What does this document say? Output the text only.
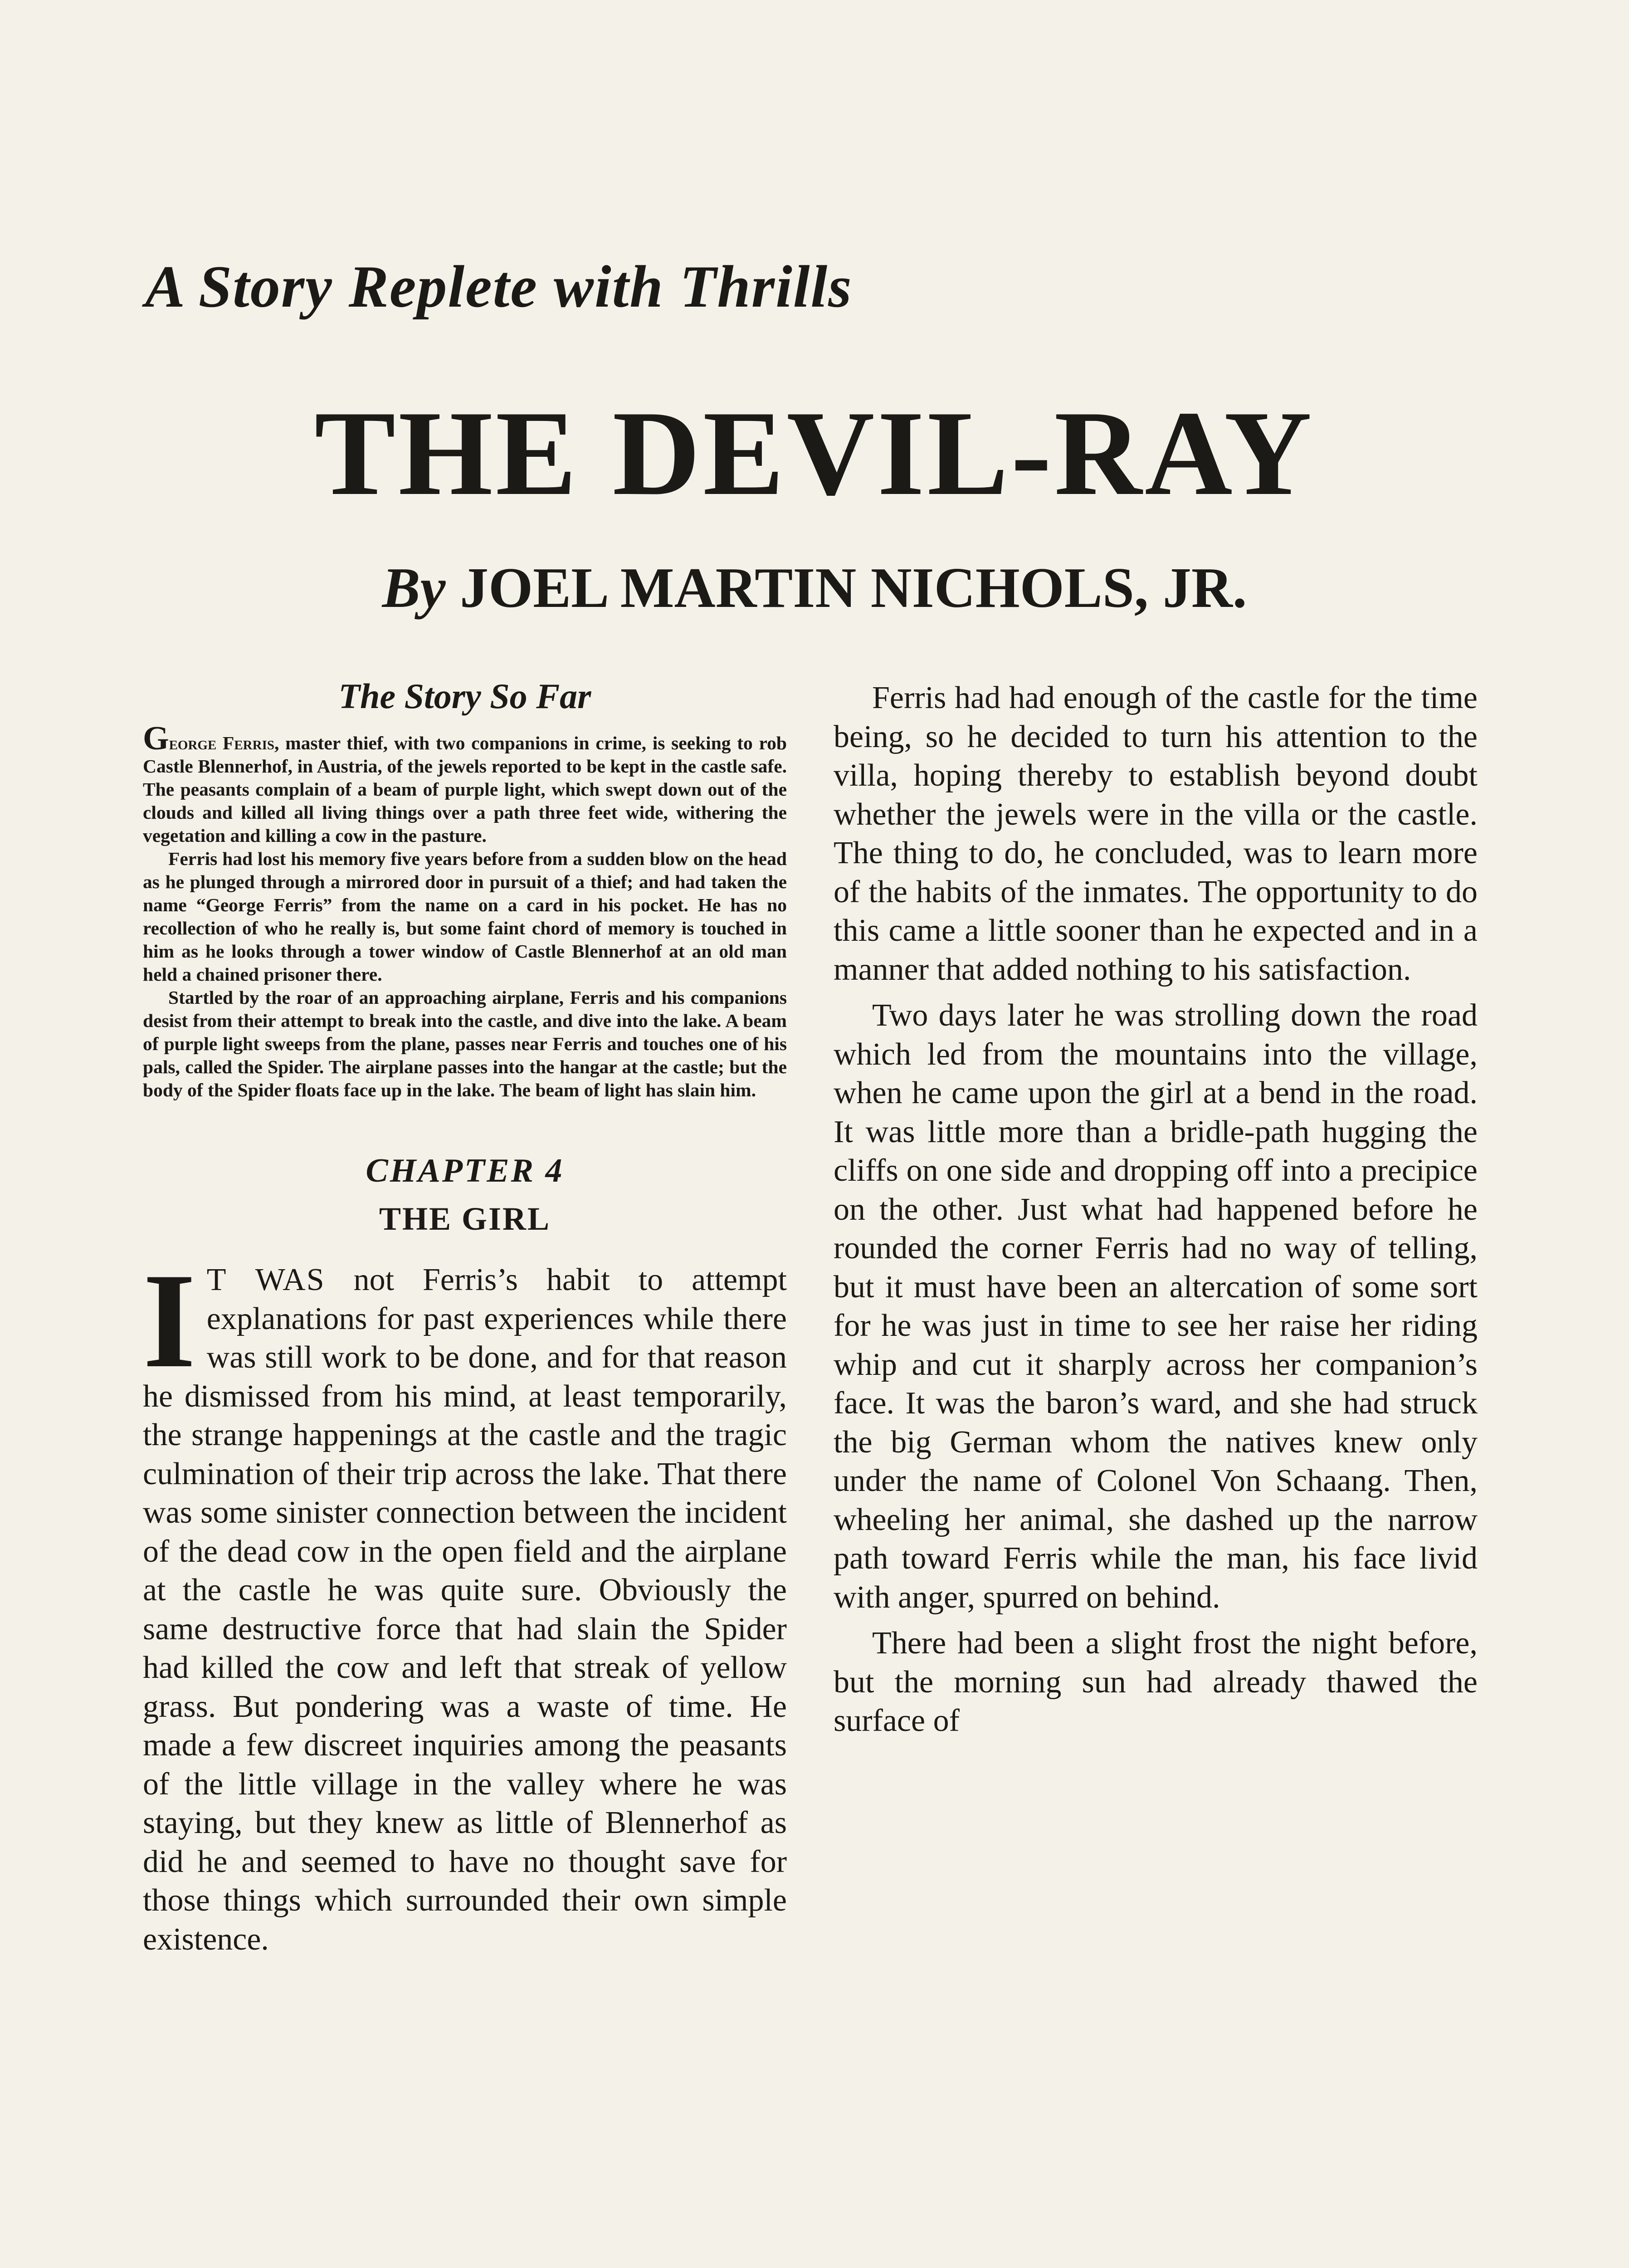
A Story Replete with Thrills
THE DEVIL-RAY
By JOEL MARTIN NICHOLS, JR.
The Story So Far

George Ferris, master thief, with two companions in crime, is seeking to rob Castle Blennerhof, in Austria, of the jewels reported to be kept in the castle safe. The peasants complain of a beam of purple light, which swept down out of the clouds and killed all living things over a path three feet wide, withering the vegetation and killing a cow in the pasture.

Ferris had lost his memory five years before from a sudden blow on the head as he plunged through a mirrored door in pursuit of a thief; and had taken the name “George Ferris” from the name on a card in his pocket. He has no recollection of who he really is, but some faint chord of memory is touched in him as he looks through a tower window of Castle Blennerhof at an old man held a chained prisoner there.

Startled by the roar of an approaching airplane, Ferris and his companions desist from their attempt to break into the castle, and dive into the lake. A beam of purple light sweeps from the plane, passes near Ferris and touches one of his pals, called the Spider. The airplane passes into the hangar at the castle; but the body of the Spider floats face up in the lake. The beam of light has slain him.

CHAPTER 4
THE GIRL

I T WAS not Ferris’s habit to attempt explanations for past experiences while there was still work to be done, and for that reason he dismissed from his mind, at least temporarily, the strange happenings at the castle and the tragic culmination of their trip across the lake. That there was some sinister connection between the incident of the dead cow in the open field and the airplane at the castle he was quite sure. Obviously the same destructive force that had slain the Spider had killed the cow and left that streak of yellow grass. But pondering was a waste of time. He made a few discreet inquiries among the peasants of the little village in the valley where he was staying, but they knew as little of Blennerhof as did he and seemed to have no thought save for those things which surrounded their own simple existence.

Ferris had had enough of the castle for the time being, so he decided to turn his attention to the villa, hoping thereby to establish beyond doubt whether the jewels were in the villa or the castle. The thing to do, he concluded, was to learn more of the habits of the inmates. The opportunity to do this came a little sooner than he expected and in a manner that added nothing to his satisfaction.

Two days later he was strolling down the road which led from the mountains into the village, when he came upon the girl at a bend in the road. It was little more than a bridle-path hugging the cliffs on one side and dropping off into a precipice on the other. Just what had happened before he rounded the corner Ferris had no way of telling, but it must have been an altercation of some sort for he was just in time to see her raise her riding whip and cut it sharply across her companion’s face. It was the baron’s ward, and she had struck the big German whom the natives knew only under the name of Colonel Von Schaang. Then, wheeling her animal, she dashed up the narrow path toward Ferris while the man, his face livid with anger, spurred on behind.

There had been a slight frost the night before, but the morning sun had already thawed the surface of
